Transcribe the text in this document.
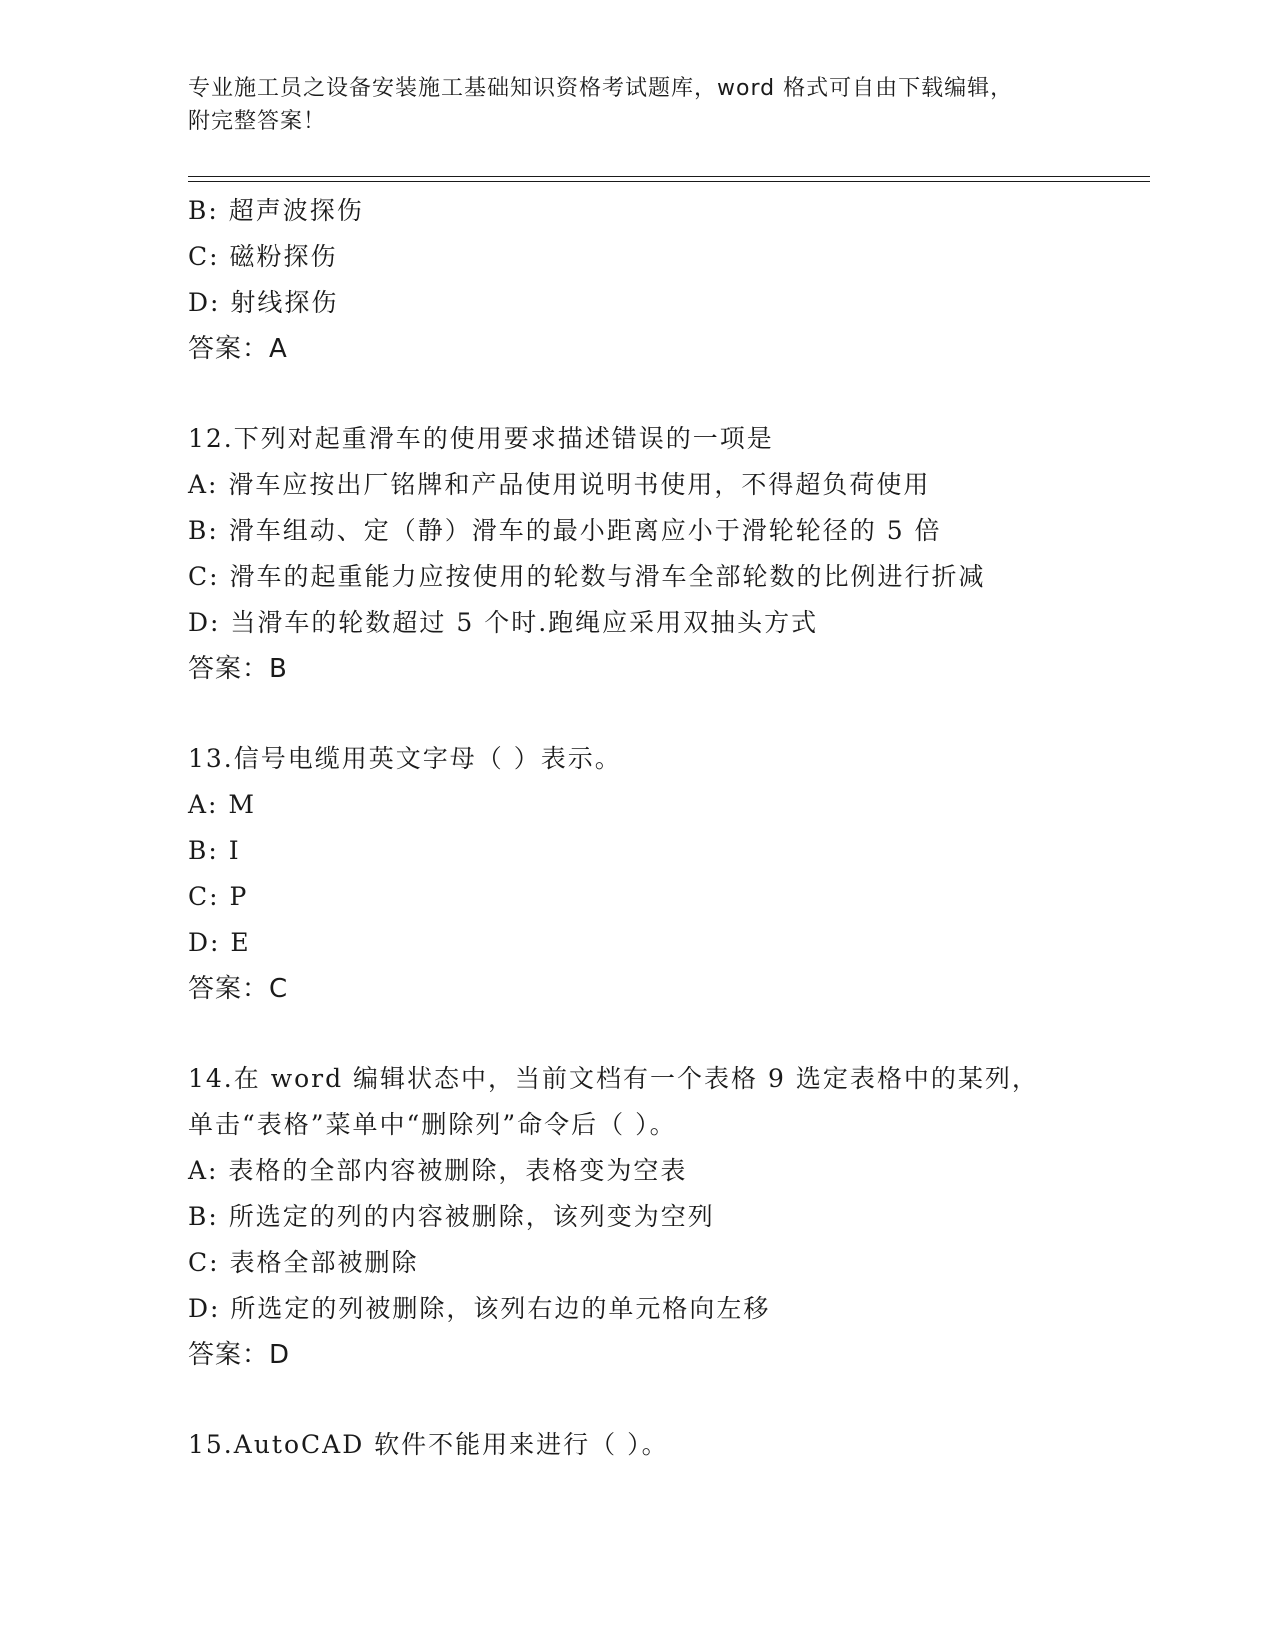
专业施工员之设备安装施工基础知识资格考试题库，word 格式可自由下载编辑，
附完整答案！

B: 超声波探伤

C: 磁粉探伤

D: 射线探伤

答案：A

12.下列对起重滑车的使用要求描述错误的一项是

A: 滑车应按出厂铭牌和产品使用说明书使用，不得超负荷使用

B: 滑车组动、定（静）滑车的最小距离应小于滑轮轮径的 5 倍

C: 滑车的起重能力应按使用的轮数与滑车全部轮数的比例进行折减

D: 当滑车的轮数超过 5 个时.跑绳应采用双抽头方式

答案：B

13.信号电缆用英文字母（ ）表示。

A: M

B: I

C: P

D: E

答案：C

14.在 word 编辑状态中，当前文档有一个表格 9 选定表格中的某列，

单击“表格”菜单中“删除列”命令后（ ）。

A: 表格的全部内容被删除，表格变为空表

B: 所选定的列的内容被删除，该列变为空列

C: 表格全部被删除

D: 所选定的列被删除，该列右边的单元格向左移

答案：D

15.AutoCAD 软件不能用来进行（ ）。
